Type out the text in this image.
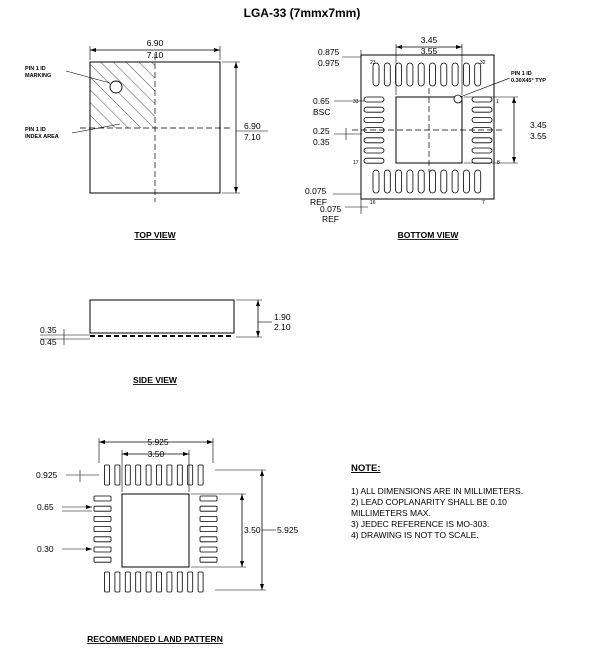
LGA-33 (7mmx7mm)
6.90
7.10
6.90
7.10
PIN 1 ID
MARKING
PIN 1 ID
INDEX AREA
TOP VIEW
23	32
33	1
17	8
16	7
3.45
3.55
3.45
3.55
0.875
0.975
0.65
BSC
0.25
0.35
0.075
REF
0.075
REF
PIN 1 ID
0.30X45° TYP
BOTTOM VIEW
1.90
2.10
0.35
0.45
SIDE VIEW
5.925
3.50
0.925
0.65
0.30
3.50 5.925
RECOMMENDED LAND PATTERN
NOTE:
1) ALL DIMENSIONS ARE IN MILLIMETERS.
2) LEAD COPLANARITY SHALL BE 0.10
MILLIMETERS MAX.
3) JEDEC REFERENCE IS MO-303.
4) DRAWING IS NOT TO SCALE.
